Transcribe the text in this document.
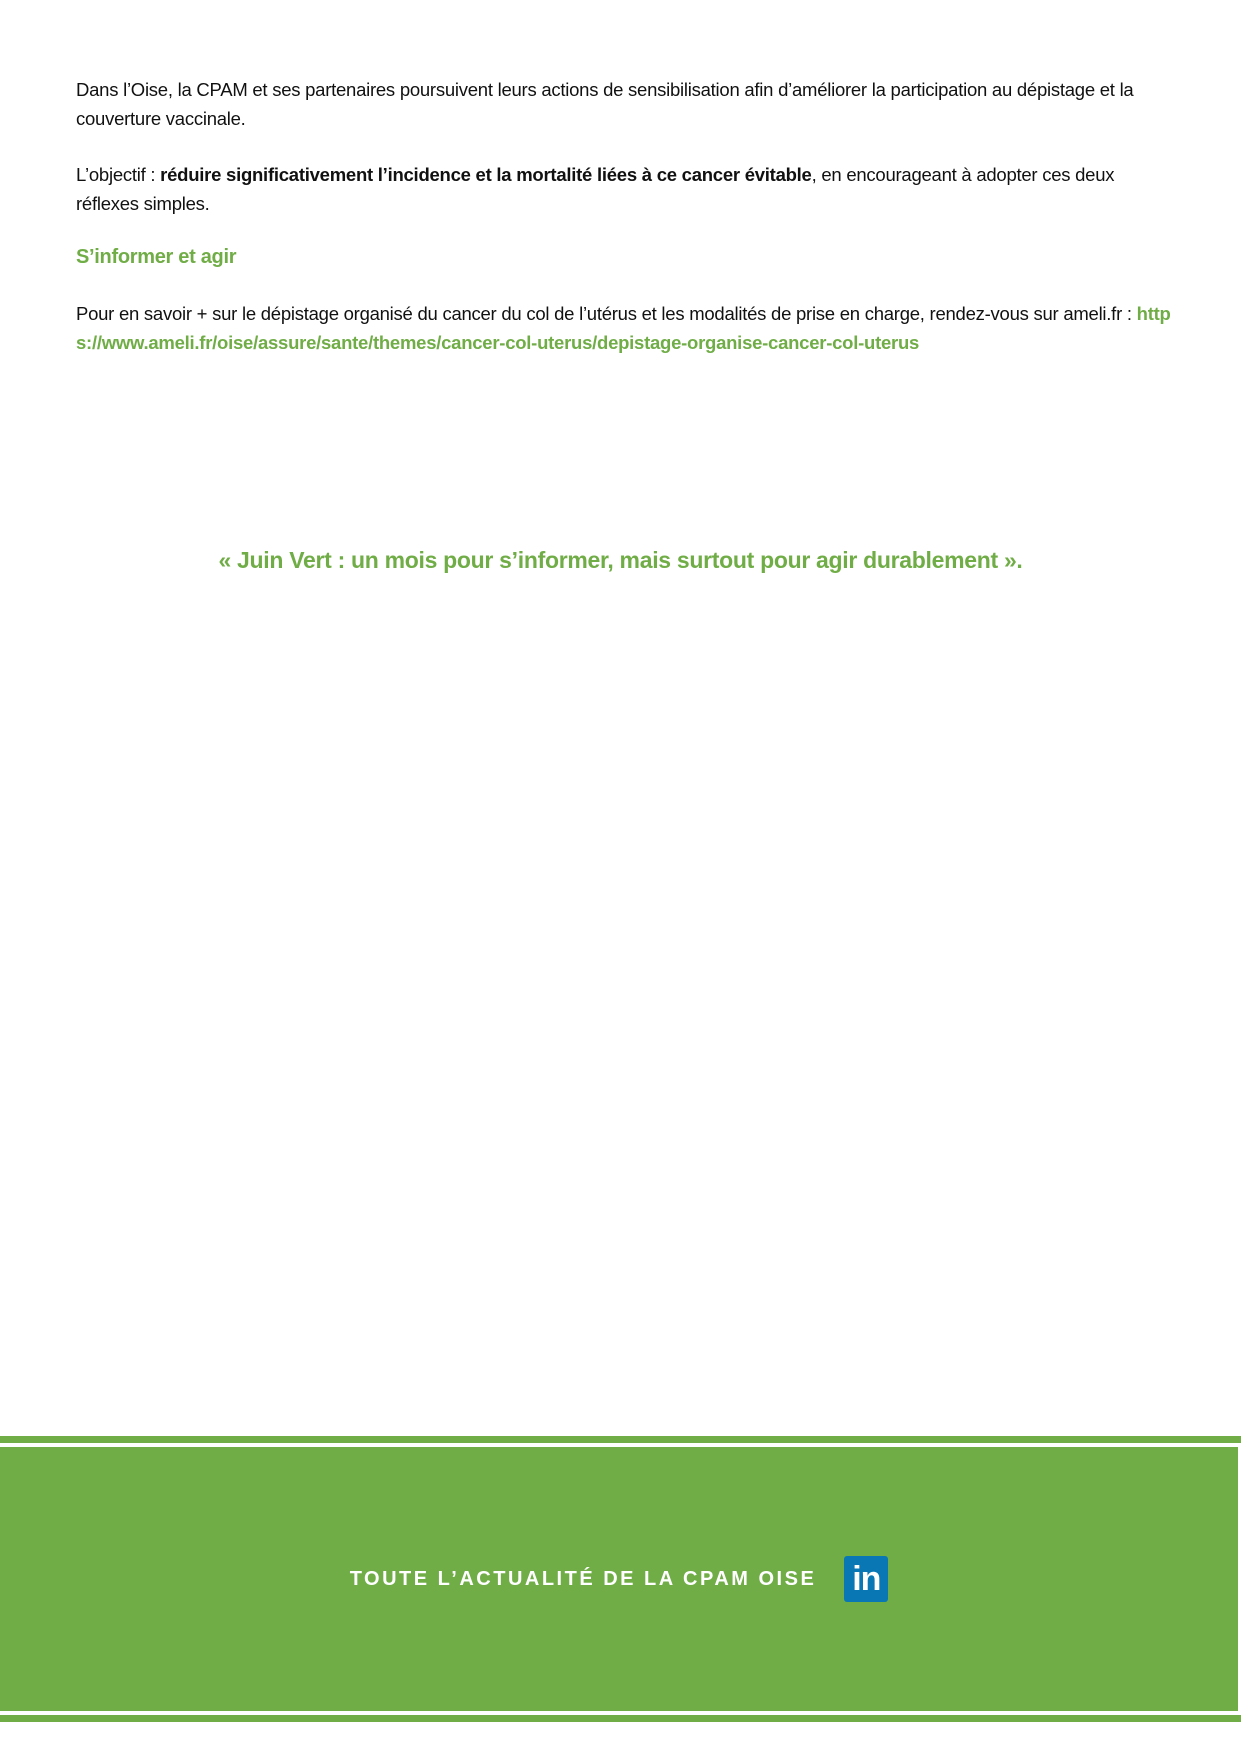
Dans l’Oise, la CPAM et ses partenaires poursuivent leurs actions de sensibilisation afin d’améliorer la participation au dépistage et la couverture vaccinale.

L’objectif : réduire significativement l’incidence et la mortalité liées à ce cancer évitable, en encourageant à adopter ces deux réflexes simples.

S’informer et agir

Pour en savoir + sur le dépistage organisé du cancer du col de l’utérus et les modalités de prise en charge, rendez-vous sur ameli.fr : https://www.ameli.fr/oise/assure/sante/themes/cancer-col-uterus/depistage-organise-cancer-col-uterus

« Juin Vert : un mois pour s’informer, mais surtout pour agir durablement ».
TOUTE L’ACTUALITÉ DE LA CPAM OISE in
